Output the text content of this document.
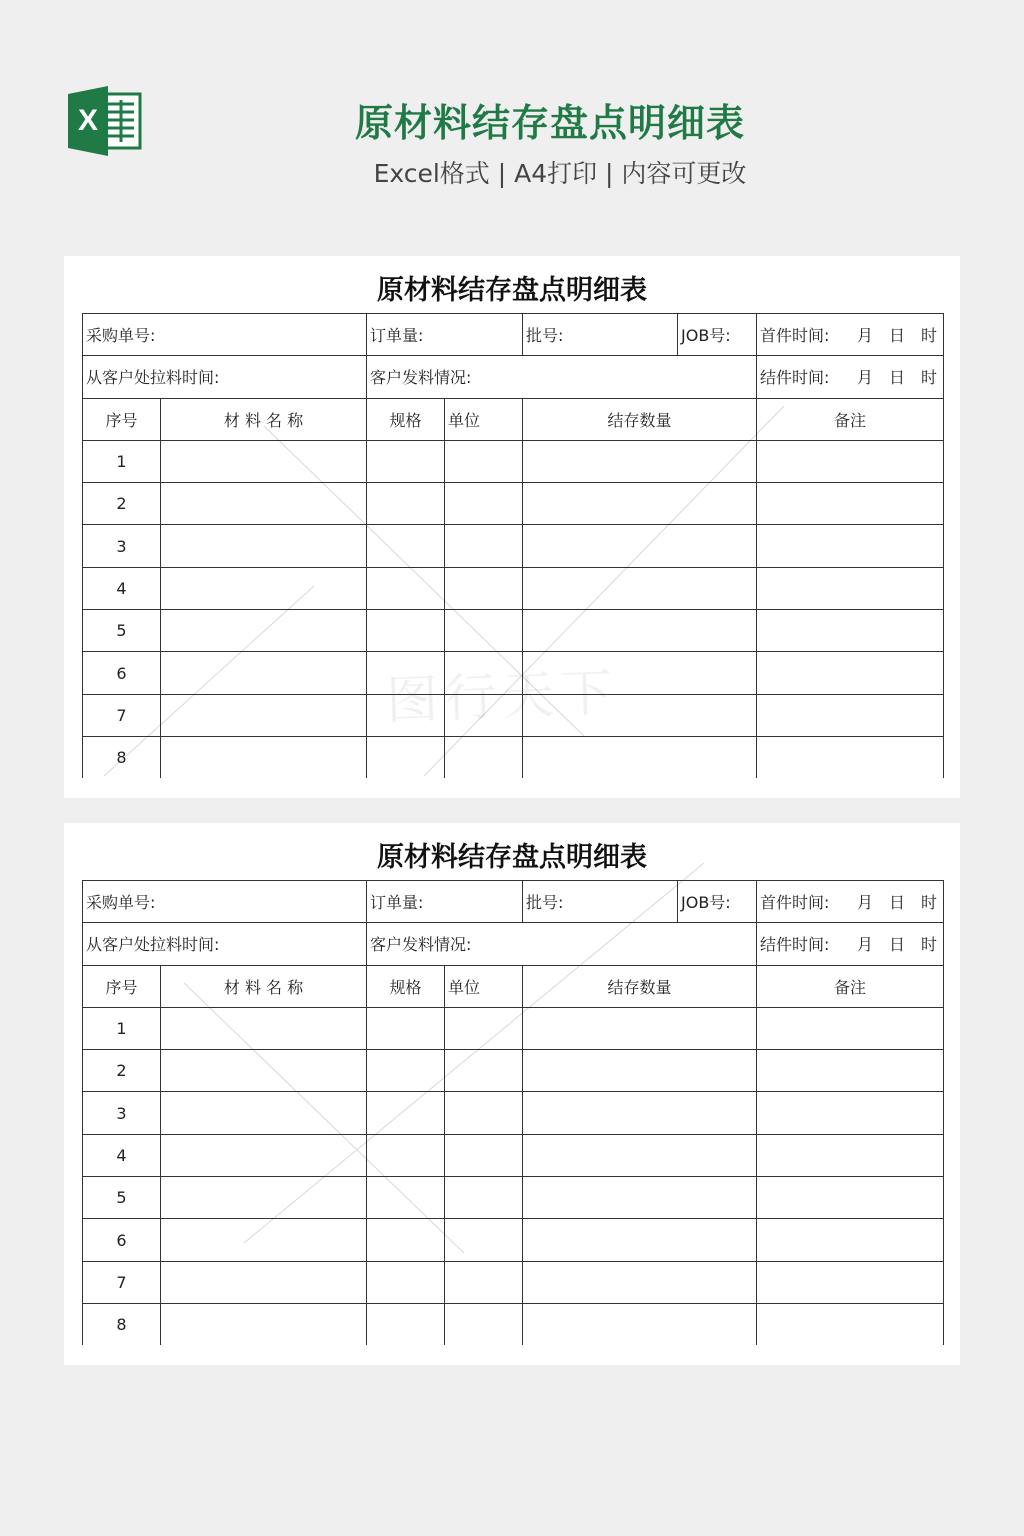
X	原材料结存盘点明细表
Excel格式 | A4打印 | 内容可更改
图行天下
原材料结存盘点明细表
采购单号:		订单量:		批号:	JOB号:	首件时间: 月　日　时

从客户处拉料时间:		客户发料情况:				结件时间: 月　日　时

序号	材 料 名 称	规格	单位	结存数量		备注
1						
2						
3						
4						
5						
6						
7						
8						
原材料结存盘点明细表
采购单号:		订单量:		批号:	JOB号:	首件时间: 月　日　时

从客户处拉料时间:		客户发料情况:				结件时间: 月　日　时

序号	材 料 名 称	规格	单位	结存数量		备注
1						
2						
3						
4						
5						
6						
7						
8						
